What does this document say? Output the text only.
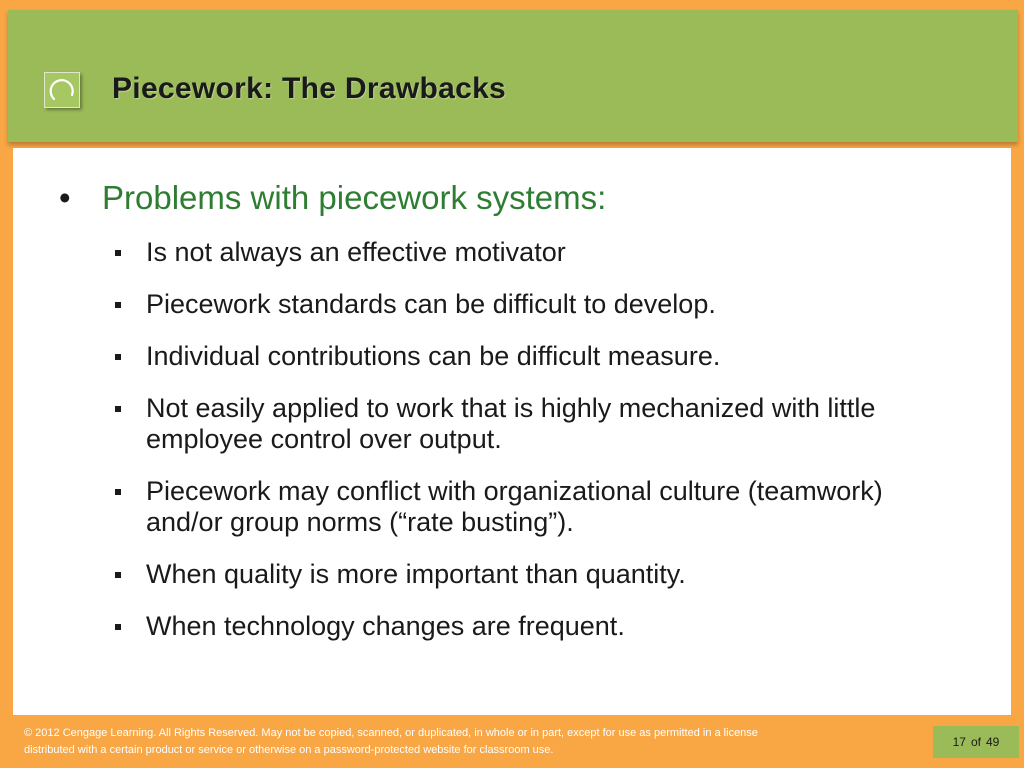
Piecework: The Drawbacks
• Problems with piecework systems:
Is not always an effective motivator
Piecework standards can be difficult to develop.
Individual contributions can be difficult measure.
Not easily applied to work that is highly mechanized with little employee control over output.
Piecework may conflict with organizational culture (teamwork) and/or group norms (“rate busting”).
When quality is more important than quantity.
When technology changes are frequent.
© 2012 Cengage Learning. All Rights Reserved. May not be copied, scanned, or duplicated, in whole or in part, except for use as permitted in a license distributed with a certain product or service or otherwise on a password-protected website for classroom use.
17 of 49
